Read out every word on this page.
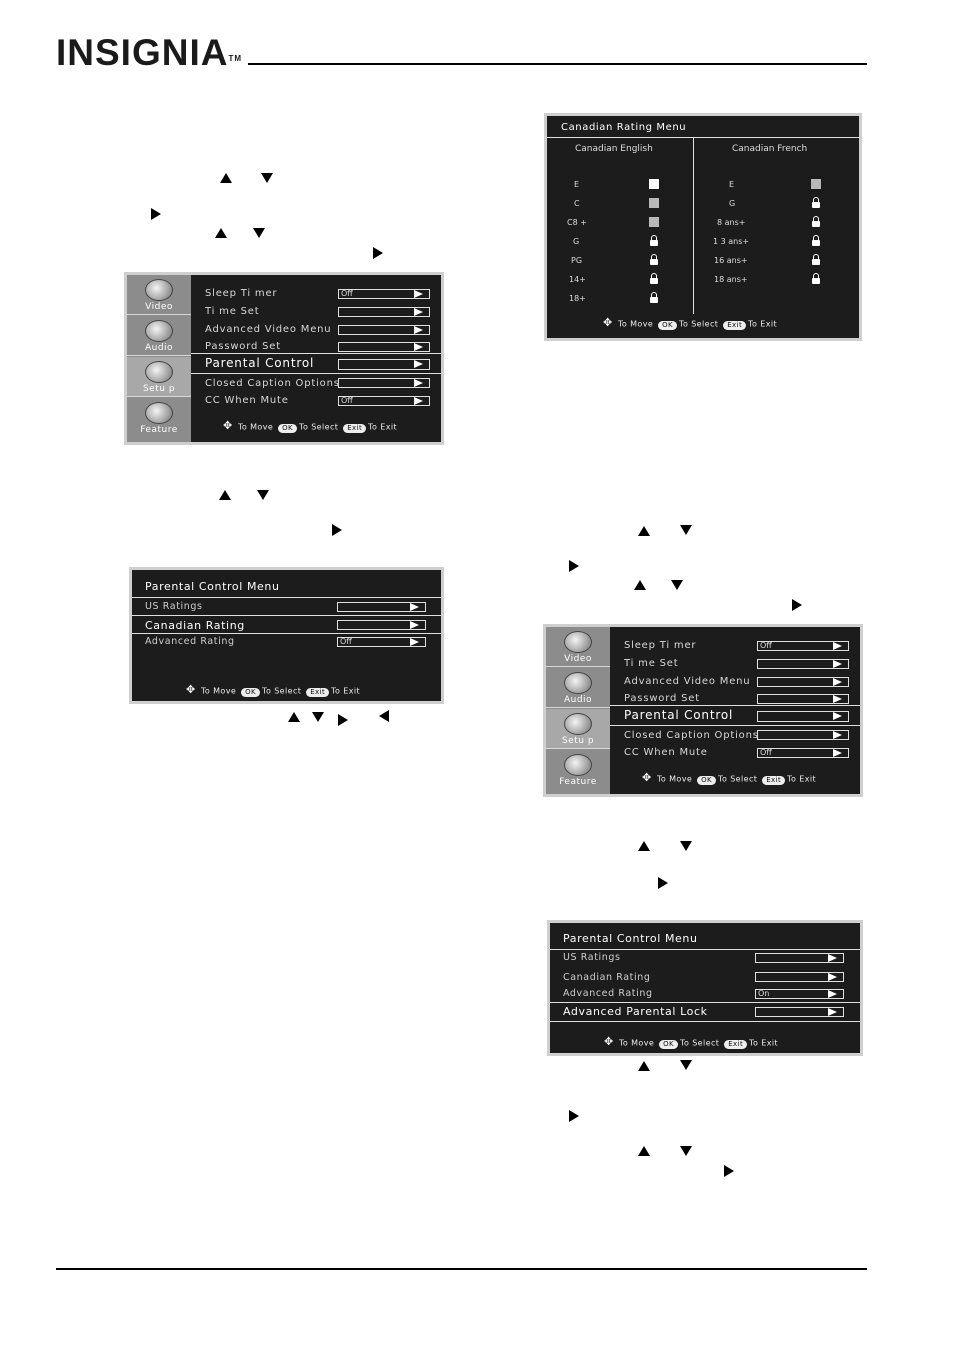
INSIGNIA™
Video
Audio
Setu p
Feature
Sleep Ti mer	Off
Ti me Set
Advanced Video Menu
Password Set
Parental Control
Closed Caption Options
CC When Mute	Off
✥ To Move OK To Select Exit To Exit
Parental Control Menu
US Ratings
Canadian Rating
Advanced Rating	Off
✥ To Move OK To Select Exit To Exit
Canadian Rating Menu
Canadian English	Canadian French
E
C
C8 +
G
PG
14+
18+
E
G
8 ans+
1 3 ans+
16 ans+
18 ans+
✥ To Move OK To Select Exit To Exit
Video
Audio
Setu p
Feature
Sleep Ti mer	Off
Ti me Set
Advanced Video Menu
Password Set
Parental Control
Closed Caption Options
CC When Mute	Off
✥ To Move OK To Select Exit To Exit
Parental Control Menu
US Ratings
Canadian Rating
Advanced Rating	On
Advanced Parental Lock
✥ To Move OK To Select Exit To Exit
